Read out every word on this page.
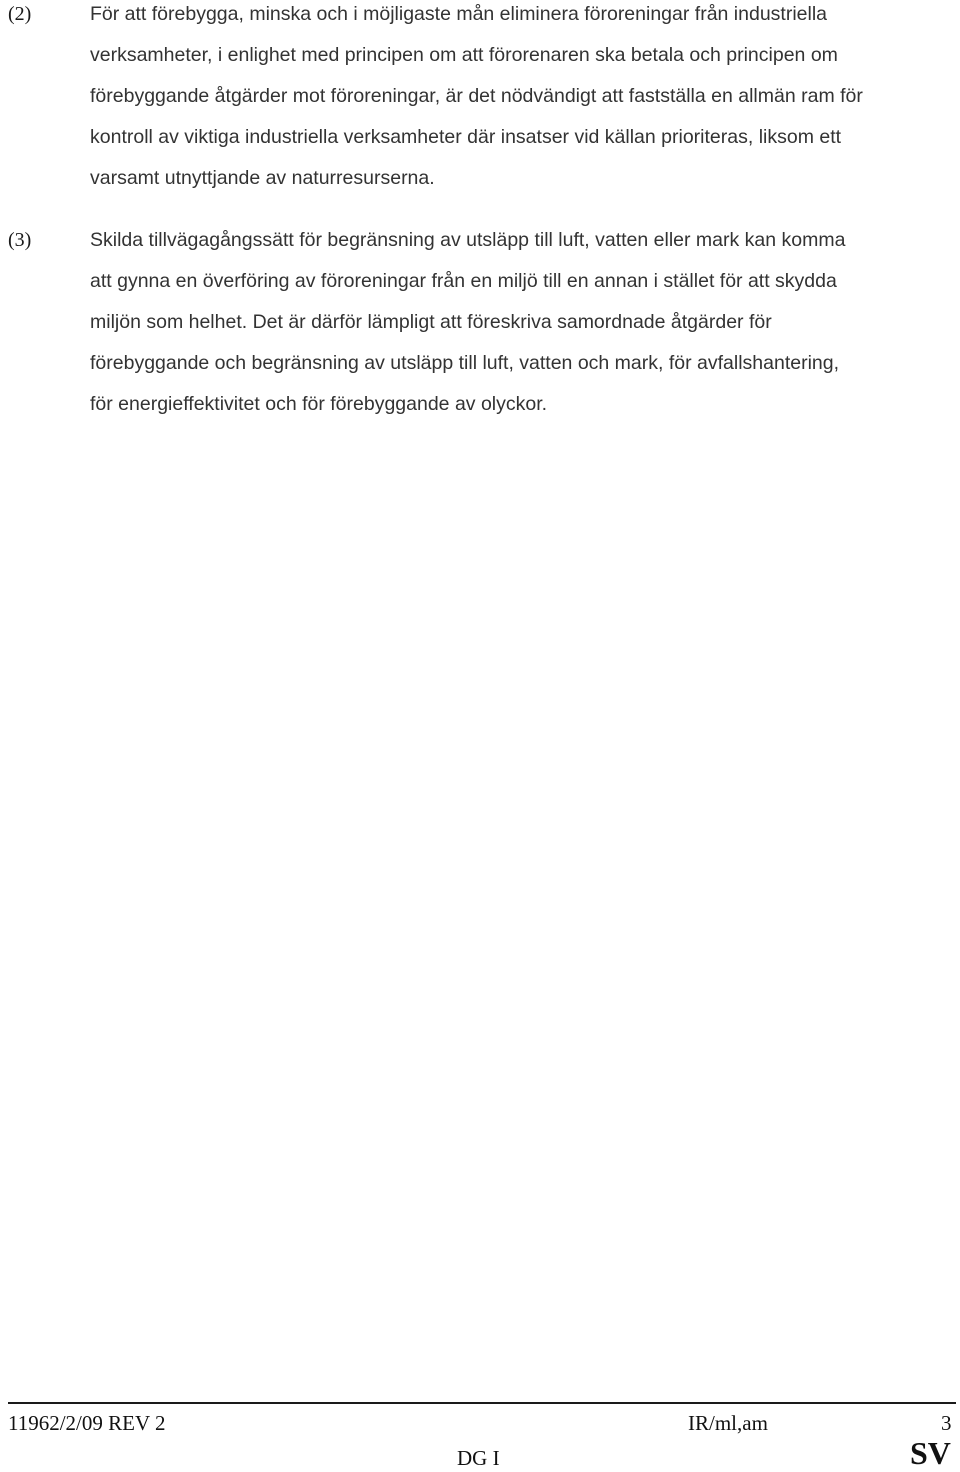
(2)	För att förebygga, minska och i möjligaste mån eliminera föroreningar från industriella
verksamheter, i enlighet med principen om att förorenaren ska betala och principen om
förebyggande åtgärder mot föroreningar, är det nödvändigt att fastställa en allmän ram för
kontroll av viktiga industriella verksamheter där insatser vid källan prioriteras, liksom ett
varsamt utnyttjande av naturresurserna.

(3)	Skilda tillvägagångssätt för begränsning av utsläpp till luft, vatten eller mark kan komma
att gynna en överföring av föroreningar från en miljö till en annan i stället för att skydda
miljön som helhet. Det är därför lämpligt att föreskriva samordnade åtgärder för
förebyggande och begränsning av utsläpp till luft, vatten och mark, för avfallshantering,
för energieffektivitet och för förebyggande av olyckor.

11962/2/09 REV 2	IR/ml,am	3
DG I	SV
